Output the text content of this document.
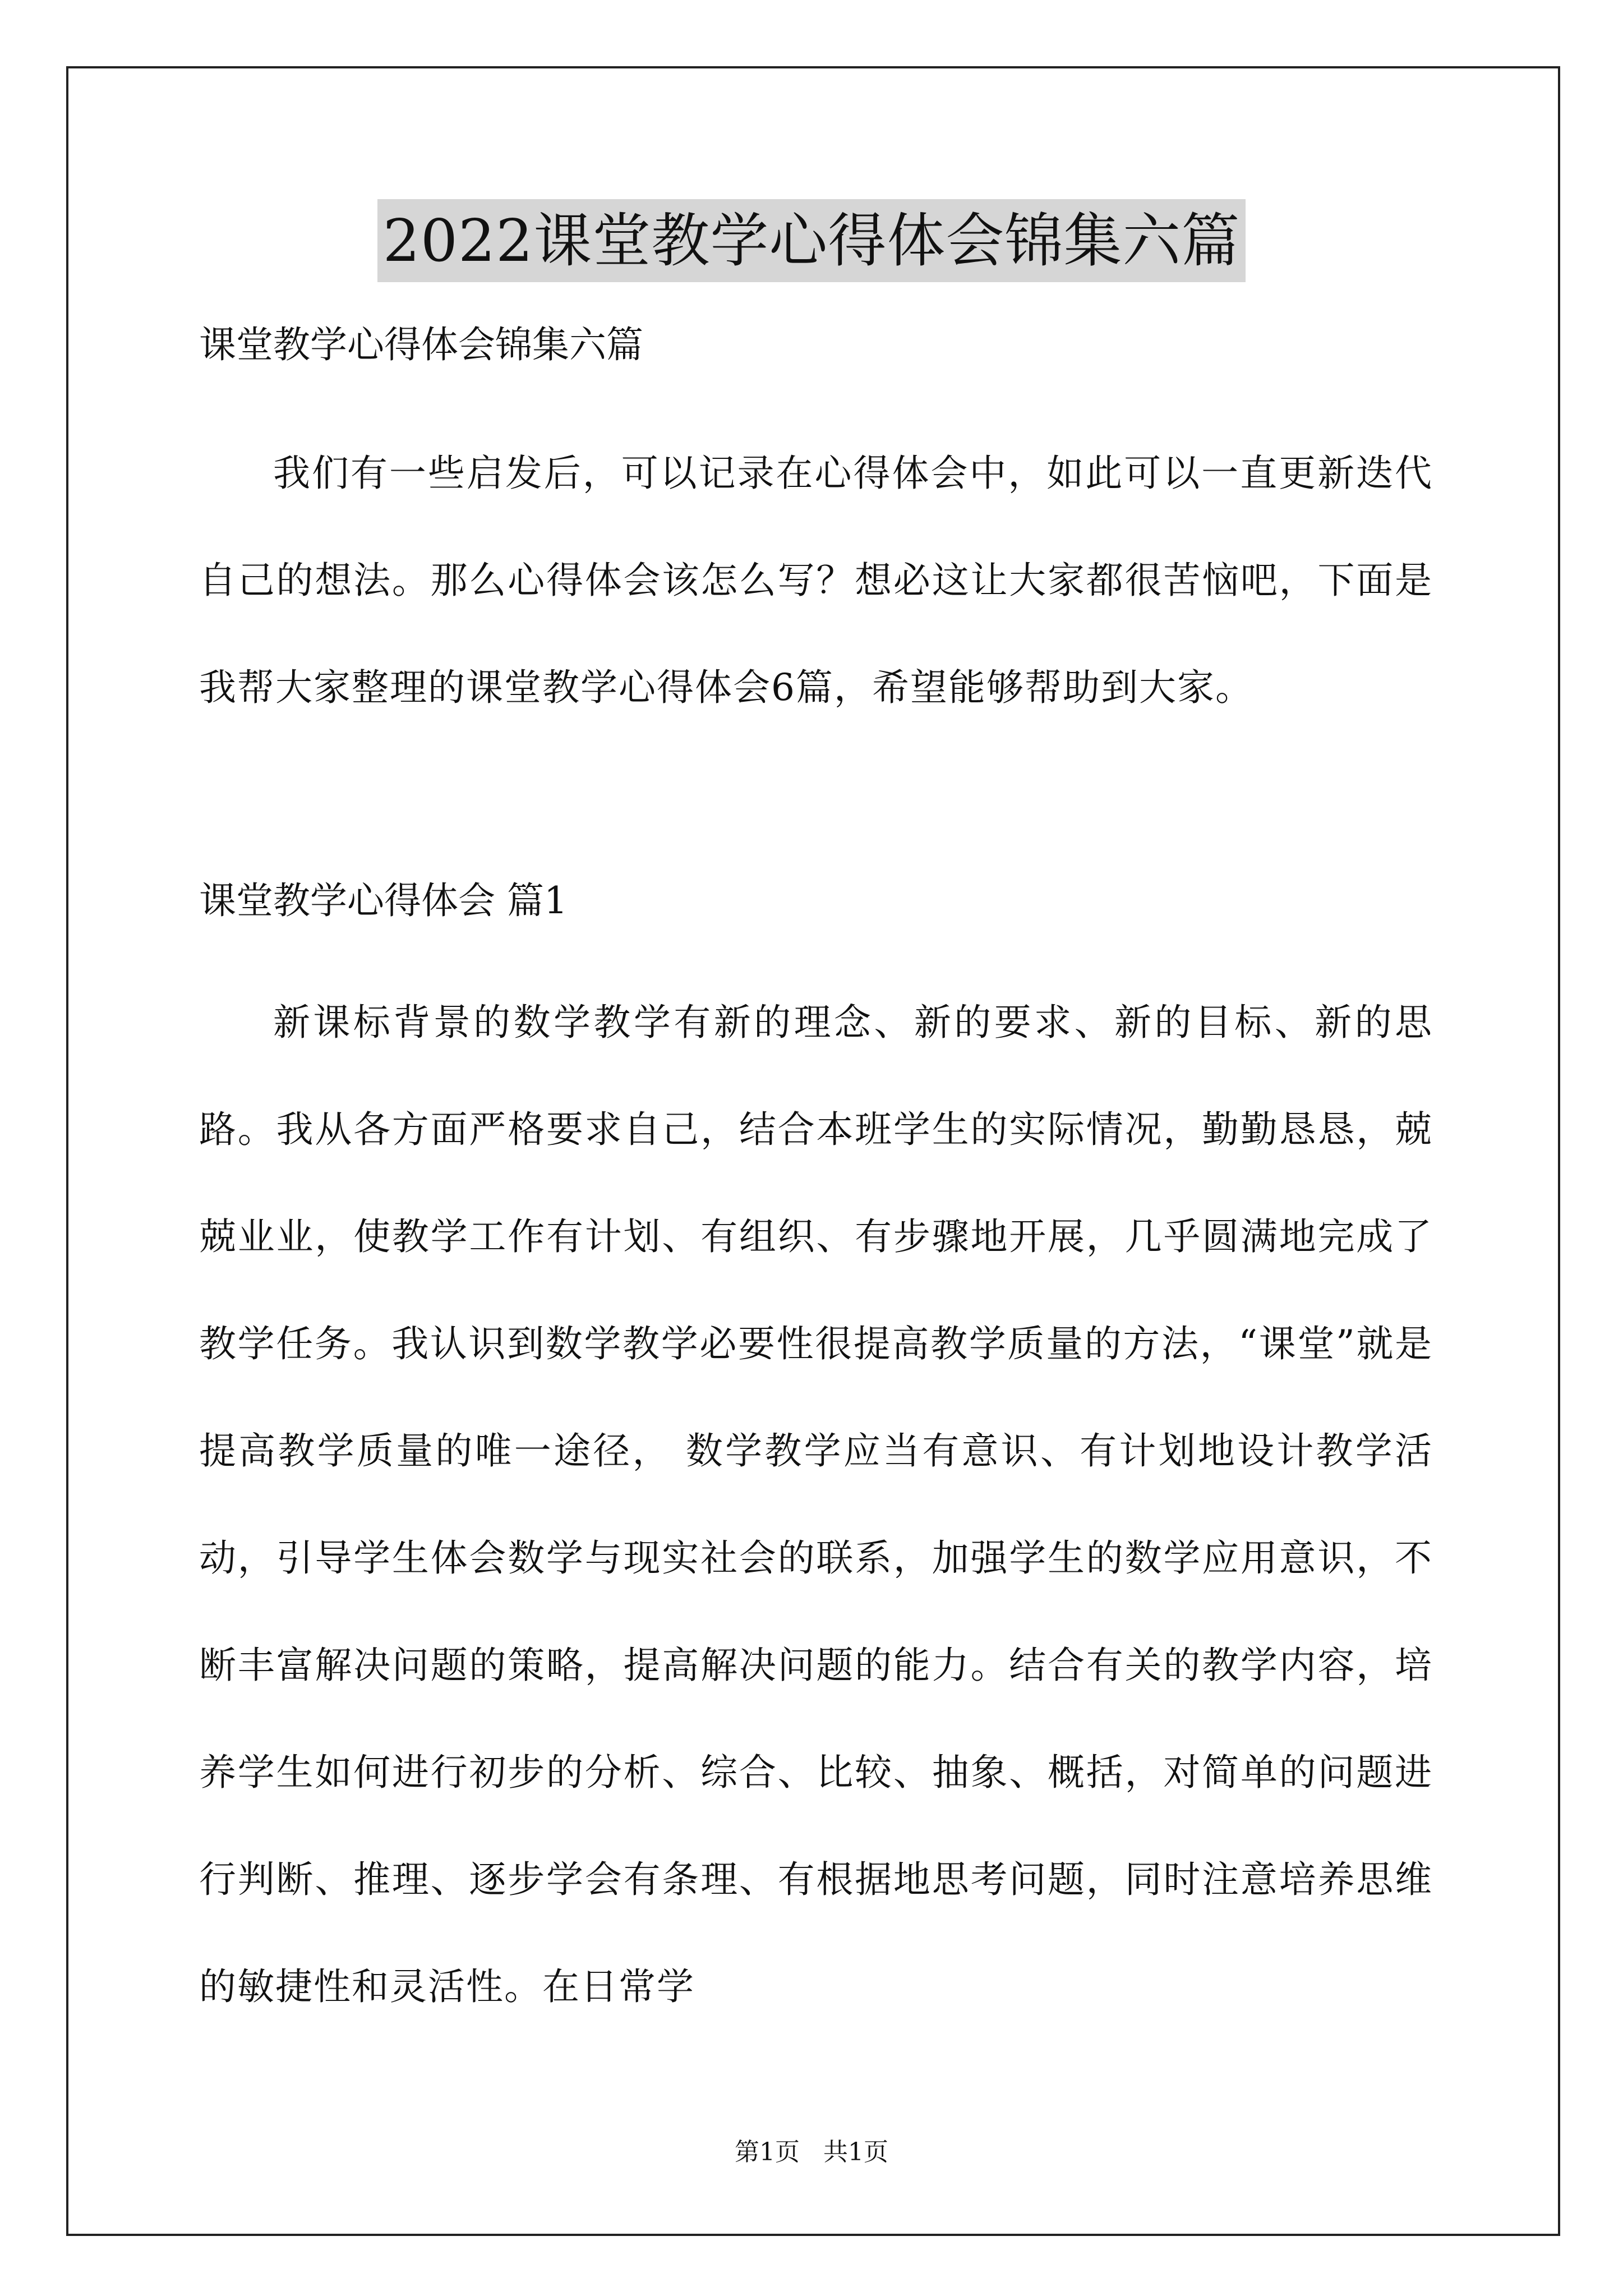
2022课堂教学心得体会锦集六篇

课堂教学心得体会锦集六篇

我们有一些启发后，可以记录在心得体会中，如此可以一直更新迭代自己的想法。那么心得体会该怎么写？想必这让大家都很苦恼吧，下面是我帮大家整理的课堂教学心得体会6篇，希望能够帮助到大家。

课堂教学心得体会 篇1

新课标背景的数学教学有新的理念、新的要求、新的目标、新的思路。我从各方面严格要求自己，结合本班学生的实际情况，勤勤恳恳，兢兢业业，使教学工作有计划、有组织、有步骤地开展，几乎圆满地完成了教学任务。我认识到数学教学必要性很提高教学质量的方法，“课堂”就是提高教学质量的唯一途径， 数学教学应当有意识、有计划地设计教学活动，引导学生体会数学与现实社会的联系，加强学生的数学应用意识，不断丰富解决问题的策略，提高解决问题的能力。结合有关的教学内容，培养学生如何进行初步的分析、综合、比较、抽象、概括，对简单的问题进行判断、推理、逐步学会有条理、有根据地思考问题，同时注意培养思维的敏捷性和灵活性。在日常学

第1页 共1页
